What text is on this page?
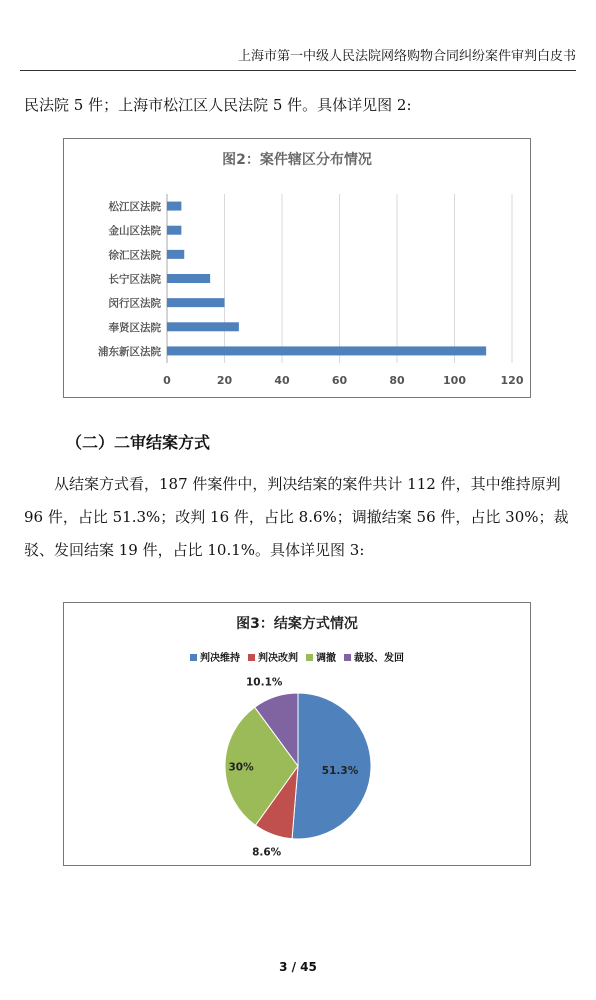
上海市第一中级人民法院网络购物合同纠纷案件审判白皮书

民法院 5 件；上海市松江区人民法院 5 件。具体详见图 2:

图2：案件辖区分布情况
0	20	40	60	80	100	120
松江区法院
金山区法院
徐汇区法院
长宁区法院
闵行区法院
奉贤区法院
浦东新区法院
（二）二审结案方式

从结案方式看，187 件案件中，判决结案的案件共计 112 件，其中维持原判 96 件，占比 51.3%；改判 16 件，占比 8.6%；调撤结案 56 件，占比 30%；裁驳、发回结案 19 件，占比 10.1%。具体详见图 3:

图3：结案方式情况
判决维持 判决改判 调撤 裁驳、发回
51.3%
8.6%
30%
10.1%
3 / 45
